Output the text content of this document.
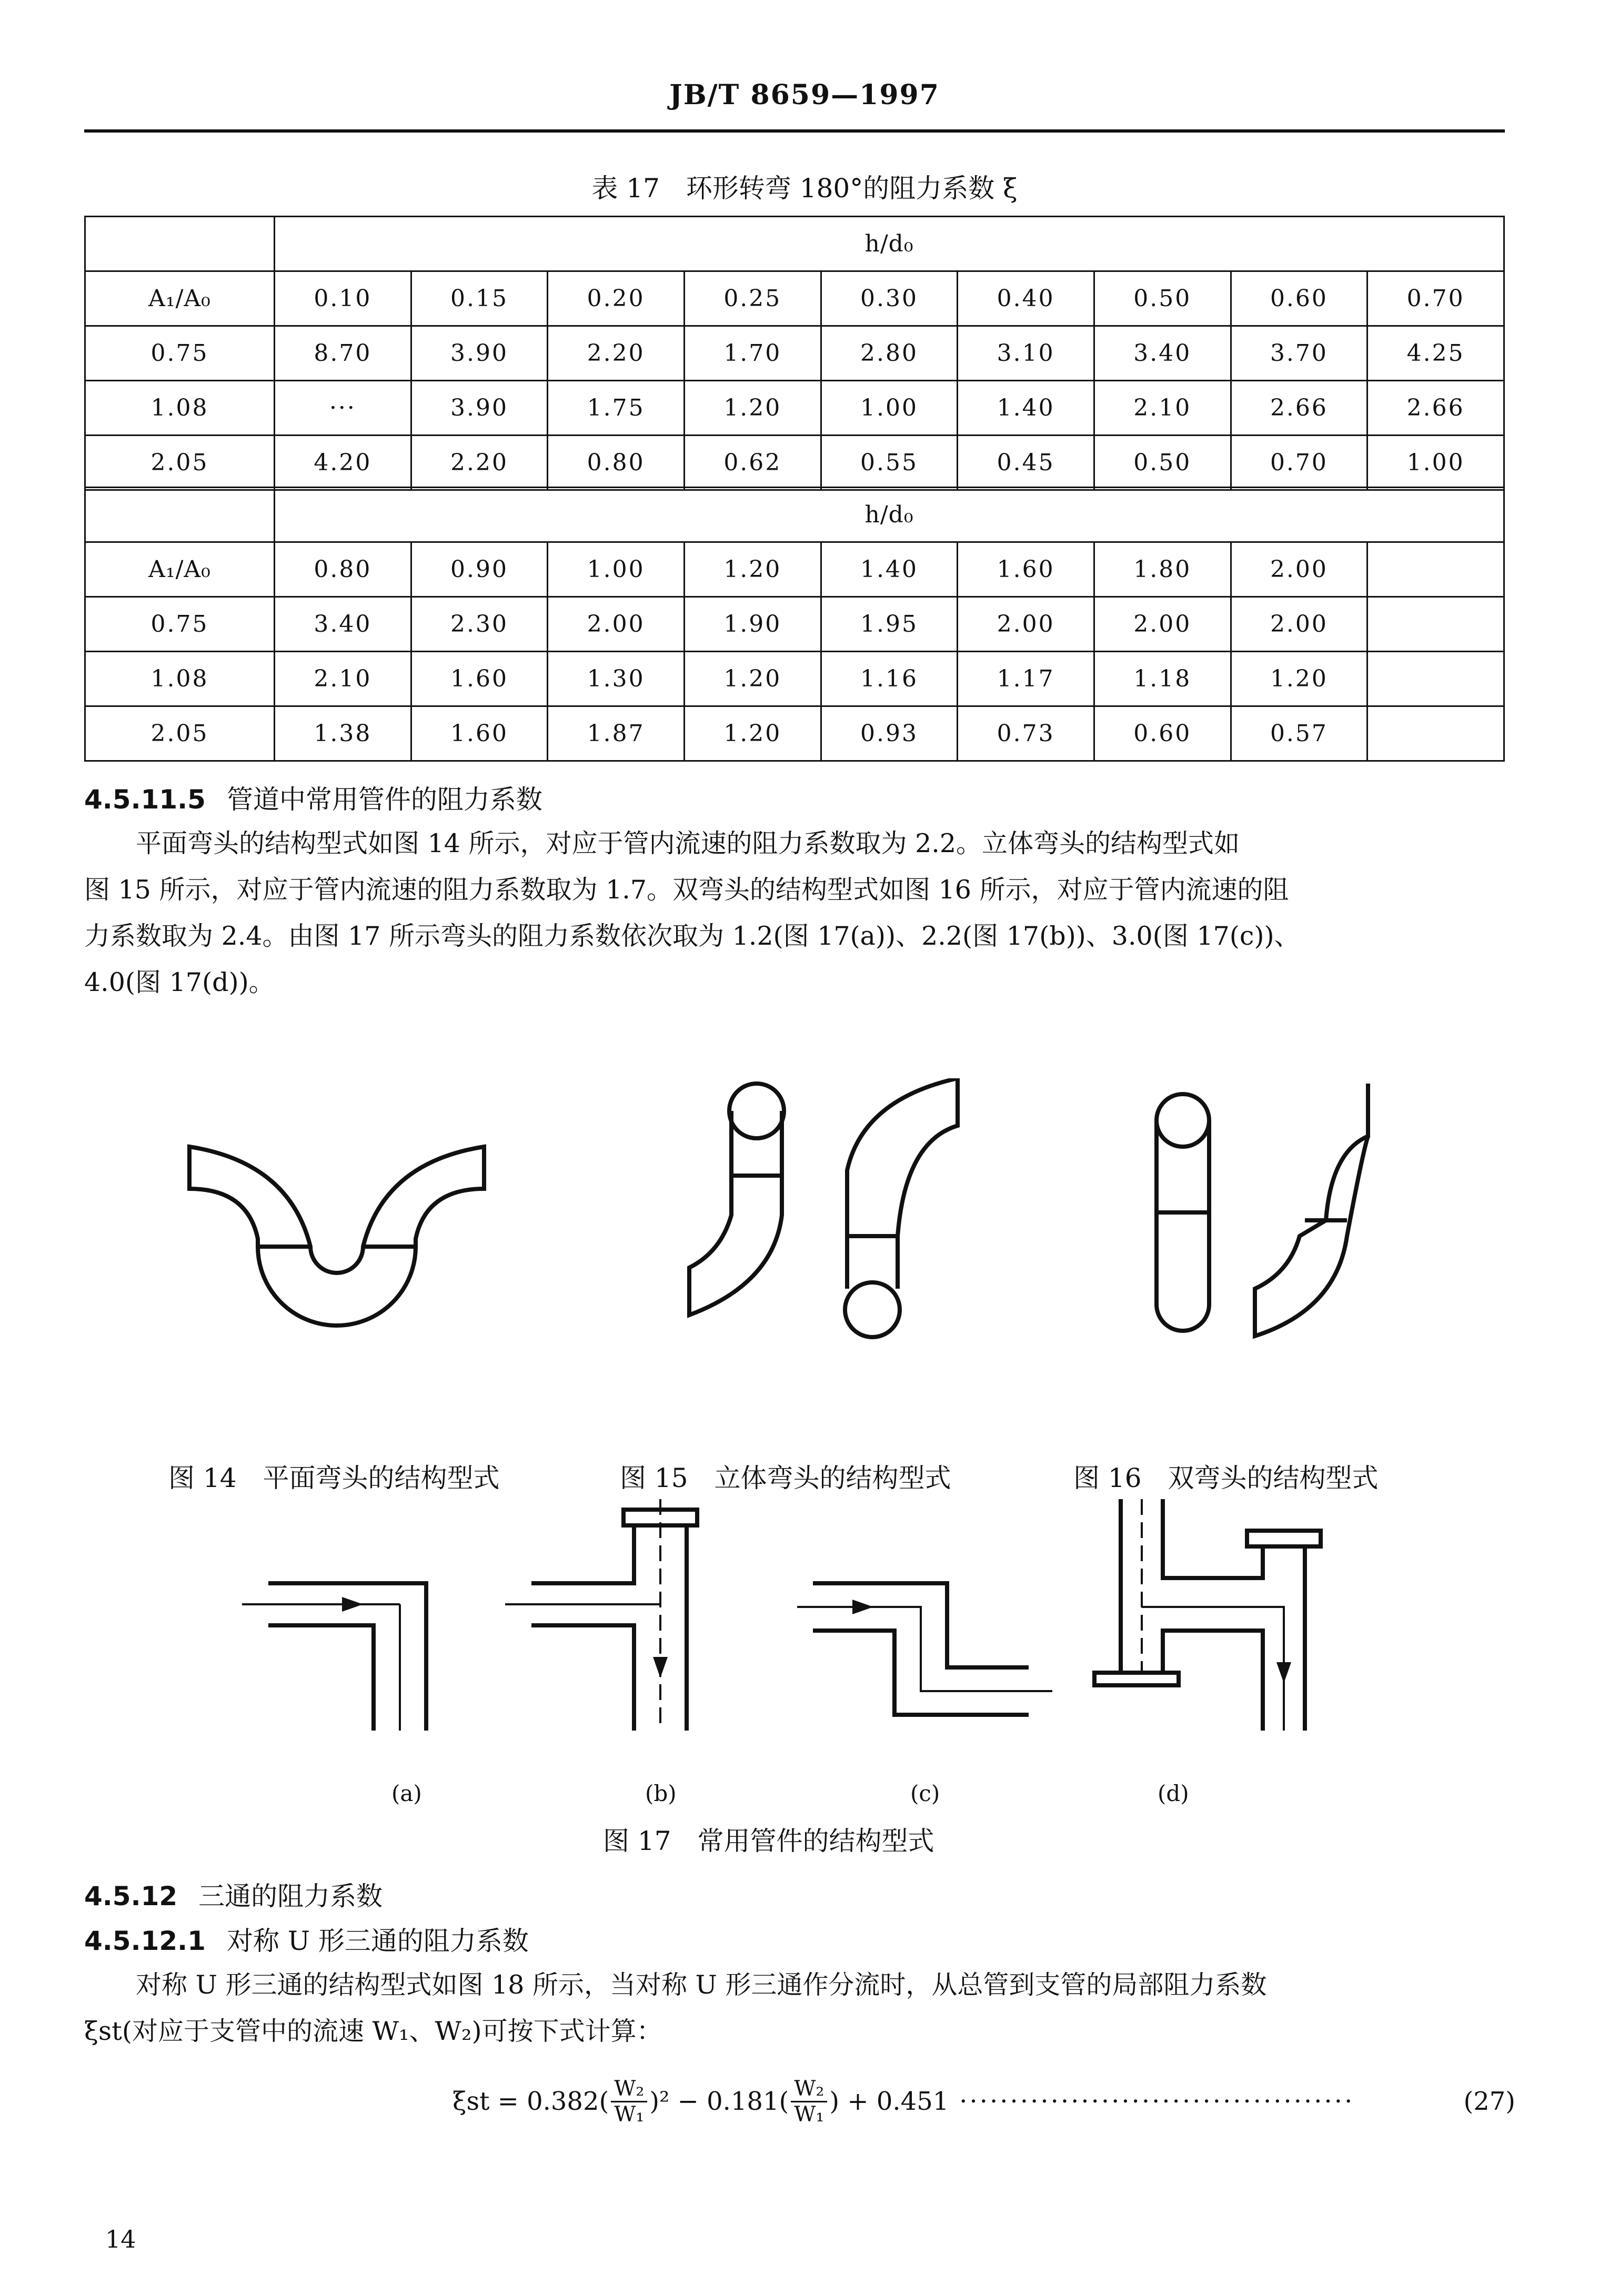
JB/T 8659—1997
表 17　环形转弯 180°的阻力系数 ξ
	h/d₀								
A₁/A₀	0.10	0.15	0.20	0.25	0.30	0.40	0.50	0.60	0.70
0.75	8.70	3.90	2.20	1.70	2.80	3.10	3.40	3.70	4.25
1.08	···	3.90	1.75	1.20	1.00	1.40	2.10	2.66	2.66
2.05	4.20	2.20	0.80	0.62	0.55	0.45	0.50	0.70	1.00
	h/d₀								
A₁/A₀	0.80	0.90	1.00	1.20	1.40	1.60	1.80	2.00	
0.75	3.40	2.30	2.00	1.90	1.95	2.00	2.00	2.00	
1.08	2.10	1.60	1.30	1.20	1.16	1.17	1.18	1.20	
2.05	1.38	1.60	1.87	1.20	0.93	0.73	0.60	0.57	
4.5.11.5 管道中常用管件的阻力系数
　　平面弯头的结构型式如图 14 所示，对应于管内流速的阻力系数取为 2.2。立体弯头的结构型式如
图 15 所示，对应于管内流速的阻力系数取为 1.7。双弯头的结构型式如图 16 所示，对应于管内流速的阻
力系数取为 2.4。由图 17 所示弯头的阻力系数依次取为 1.2(图 17(a))、2.2(图 17(b))、3.0(图 17(c))、
4.0(图 17(d))。
图 14　平面弯头的结构型式	图 15　立体弯头的结构型式	图 16　双弯头的结构型式
(a)	(b)	(c)	(d)
图 17　常用管件的结构型式
4.5.12 三通的阻力系数
4.5.12.1 对称 U 形三通的阻力系数
　　对称 U 形三通的结构型式如图 18 所示，当对称 U 形三通作分流时，从总管到支管的局部阻力系数
ξst(对应于支管中的流速 W₁、W₂)可按下式计算：
$\xi st = 0.382( \frac{\text{W₂}}{\text{W₁}} )^2 - 0.181( \frac{\text{W₂}}{\text{W₁}}$ ) + 0.451 ·······································	(27)
14
